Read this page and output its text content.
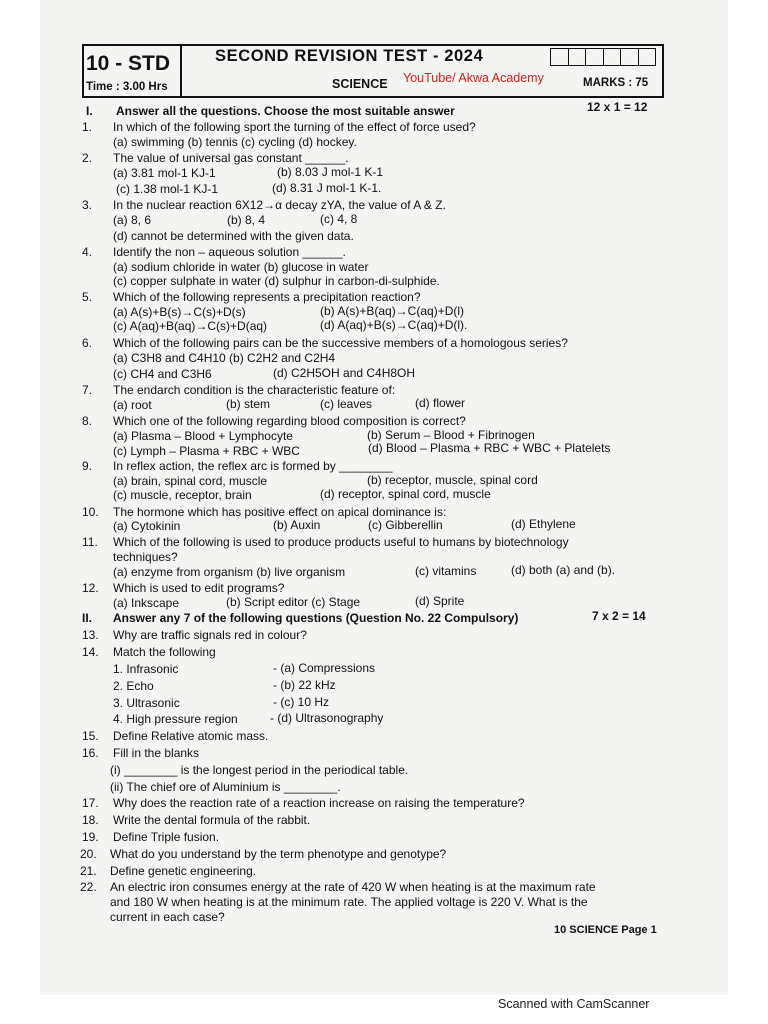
10 - STD
Time : 3.00 Hrs
SECOND REVISION TEST - 2024
SCIENCE YouTube/ Akwa Academy	MARKS : 75
I. Answer all the questions. Choose the most suitable answer	12 x 1 = 12
1. In which of the following sport the turning of the effect of force used?
(a) swimming (b) tennis (c) cycling (d) hockey.
2. The value of universal gas constant ______.
(a) 3.81 mol-1 KJ-1	(b) 8.03 J mol-1 K-1
(c) 1.38 mol-1 KJ-1	(d) 8.31 J mol-1 K-1.
3. In the nuclear reaction 6X12→α decay zYA, the value of A & Z.
(a) 8, 6	(b) 8, 4	(c) 4, 8
(d) cannot be determined with the given data.
4. Identify the non – aqueous solution ______.
(a) sodium chloride in water (b) glucose in water
(c) copper sulphate in water (d) sulphur in carbon-di-sulphide.
5. Which of the following represents a precipitation reaction?
(a) A(s)+B(s)→C(s)+D(s)	(b) A(s)+B(aq)→C(aq)+D(l)
(c) A(aq)+B(aq)→C(s)+D(aq)	(d) A(aq)+B(s)→C(aq)+D(l).
6. Which of the following pairs can be the successive members of a homologous series?
(a) C3H8 and C4H10 (b) C2H2 and C2H4
(c) CH4 and C3H6	(d) C2H5OH and C4H8OH
7. The endarch condition is the characteristic feature of:
(a) root	(b) stem	(c) leaves	(d) flower
8. Which one of the following regarding blood composition is correct?
(a) Plasma – Blood + Lymphocyte	(b) Serum – Blood + Fibrinogen
(c) Lymph – Plasma + RBC + WBC	(d) Blood – Plasma + RBC + WBC + Platelets
9. In reflex action, the reflex arc is formed by ________
(a) brain, spinal cord, muscle	(b) receptor, muscle, spinal cord
(c) muscle, receptor, brain	(d) receptor, spinal cord, muscle
10. The hormone which has positive effect on apical dominance is:
(a) Cytokinin	(b) Auxin	(c) Gibberellin	(d) Ethylene
11. Which of the following is used to produce products useful to humans by biotechnology
techniques?
(a) enzyme from organism (b) live organism	(c) vitamins	(d) both (a) and (b).
12. Which is used to edit programs?
(a) Inkscape	(b) Script editor (c) Stage	(d) Sprite
II. Answer any 7 of the following questions (Question No. 22 Compulsory)	7 x 2 = 14
13. Why are traffic signals red in colour?
14. Match the following
1. Infrasonic	- (a) Compressions
2. Echo	- (b) 22 kHz
3. Ultrasonic	- (c) 10 Hz
4. High pressure region	- (d) Ultrasonography
15. Define Relative atomic mass.
16. Fill in the blanks
(i) ________ is the longest period in the periodical table.
(ii) The chief ore of Aluminium is ________.
17. Why does the reaction rate of a reaction increase on raising the temperature?
18. Write the dental formula of the rabbit.
19. Define Triple fusion.
20. What do you understand by the term phenotype and genotype?
21. Define genetic engineering.
22. An electric iron consumes energy at the rate of 420 W when heating is at the maximum rate
and 180 W when heating is at the minimum rate. The applied voltage is 220 V. What is the
current in each case?
10 SCIENCE Page 1
Scanned with CamScanner
